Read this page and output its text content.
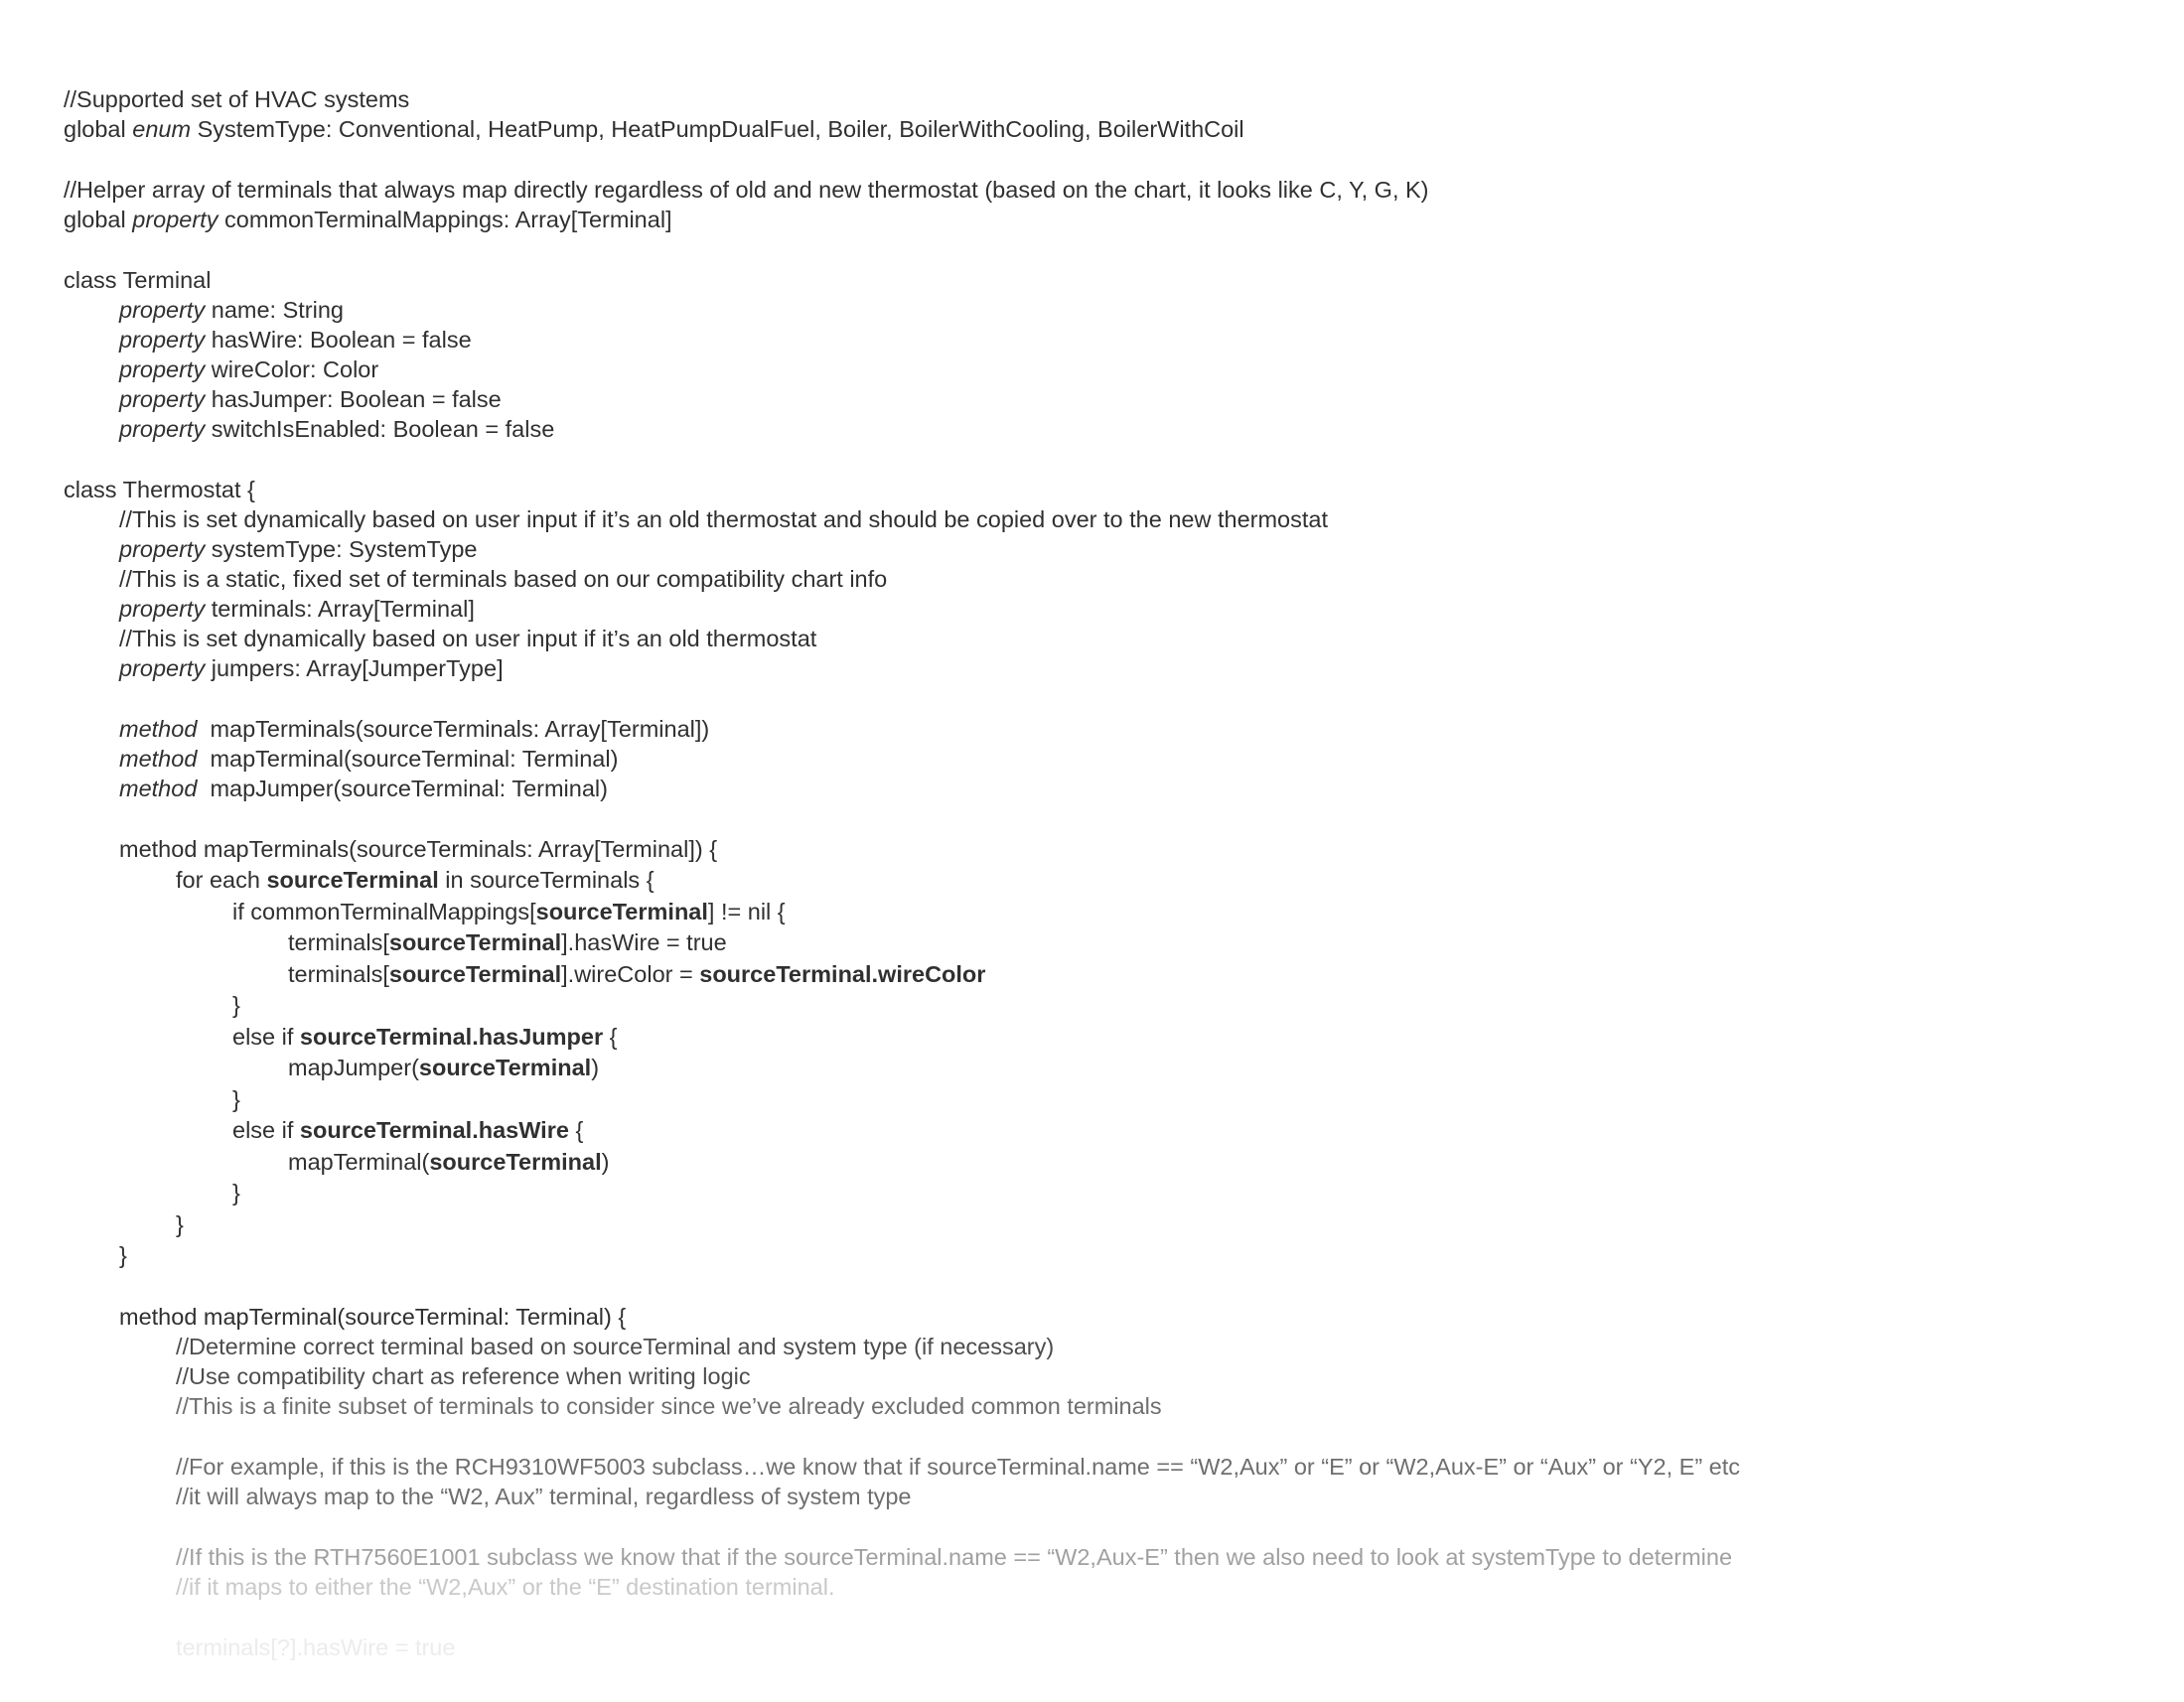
//Supported set of HVAC systems
global enum SystemType: Conventional, HeatPump, HeatPumpDualFuel, Boiler, BoilerWithCooling, BoilerWithCoil
//Helper array of terminals that always map directly regardless of old and new thermostat (based on the chart, it looks like C, Y, G, K)
global property commonTerminalMappings: Array[Terminal]
class Terminal
property name: String
property hasWire: Boolean = false
property wireColor: Color
property hasJumper: Boolean = false
property switchIsEnabled: Boolean = false
class Thermostat {
//This is set dynamically based on user input if it’s an old thermostat and should be copied over to the new thermostat
property systemType: SystemType
//This is a static, fixed set of terminals based on our compatibility chart info
property terminals: Array[Terminal]
//This is set dynamically based on user input if it’s an old thermostat
property jumpers: Array[JumperType]
method  mapTerminals(sourceTerminals: Array[Terminal])
method  mapTerminal(sourceTerminal: Terminal)
method  mapJumper(sourceTerminal: Terminal)
method mapTerminals(sourceTerminals: Array[Terminal]) {
for each sourceTerminal in sourceTerminals {
if commonTerminalMappings[sourceTerminal] != nil {
terminals[sourceTerminal].hasWire = true
terminals[sourceTerminal].wireColor = sourceTerminal.wireColor
}
else if sourceTerminal.hasJumper {
mapJumper(sourceTerminal)
}
else if sourceTerminal.hasWire {
mapTerminal(sourceTerminal)
}
}
}
method mapTerminal(sourceTerminal: Terminal) {
//Determine correct terminal based on sourceTerminal and system type (if necessary)
//Use compatibility chart as reference when writing logic
//This is a finite subset of terminals to consider since we’ve already excluded common terminals
//For example, if this is the RCH9310WF5003 subclass…we know that if sourceTerminal.name == “W2,Aux” or “E” or “W2,Aux-E” or “Aux” or “Y2, E” etc
//it will always map to the “W2, Aux” terminal, regardless of system type
//If this is the RTH7560E1001 subclass we know that if the sourceTerminal.name == “W2,Aux-E” then we also need to look at systemType to determine
//if it maps to either the “W2,Aux” or the “E” destination terminal.
terminals[?].hasWire = true
